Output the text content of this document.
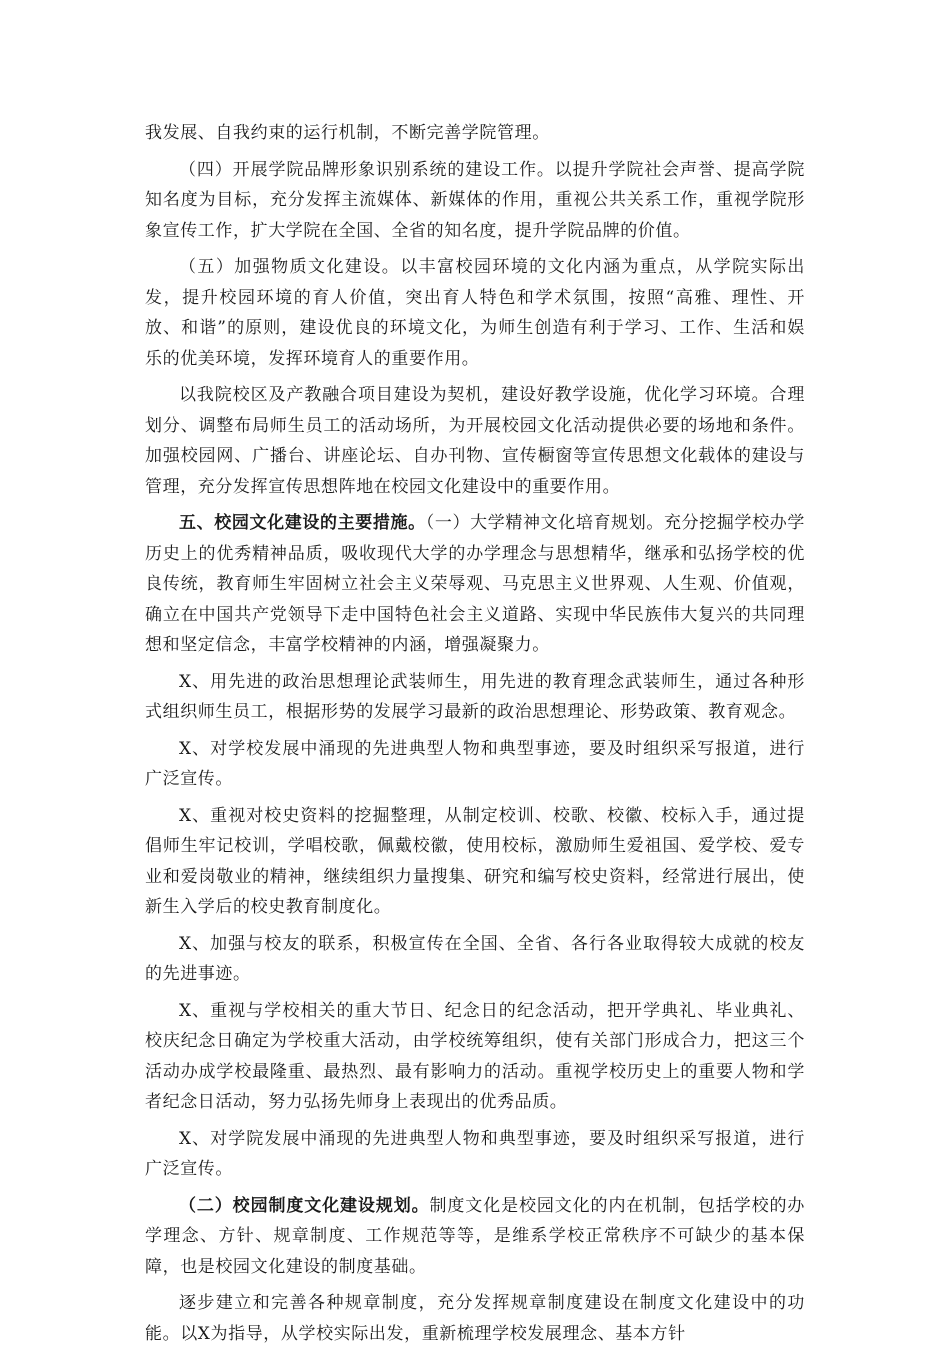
我发展、自我约束的运行机制，不断完善学院管理。

（四）开展学院品牌形象识别系统的建设工作。以提升学院社会声誉、提高学院知名度为目标，充分发挥主流媒体、新媒体的作用，重视公共关系工作，重视学院形象宣传工作，扩大学院在全国、全省的知名度，提升学院品牌的价值。

（五）加强物质文化建设。以丰富校园环境的文化内涵为重点，从学院实际出发，提升校园环境的育人价值，突出育人特色和学术氛围，按照“高雅、理性、开放、和谐”的原则，建设优良的环境文化，为师生创造有利于学习、工作、生活和娱乐的优美环境，发挥环境育人的重要作用。

以我院校区及产教融合项目建设为契机，建设好教学设施，优化学习环境。合理划分、调整布局师生员工的活动场所，为开展校园文化活动提供必要的场地和条件。加强校园网、广播台、讲座论坛、自办刊物、宣传橱窗等宣传思想文化载体的建设与管理，充分发挥宣传思想阵地在校园文化建设中的重要作用。

五、校园文化建设的主要措施。（一）大学精神文化培育规划。充分挖掘学校办学历史上的优秀精神品质，吸收现代大学的办学理念与思想精华，继承和弘扬学校的优良传统，教育师生牢固树立社会主义荣辱观、马克思主义世界观、人生观、价值观，确立在中国共产党领导下走中国特色社会主义道路、实现中华民族伟大复兴的共同理想和坚定信念，丰富学校精神的内涵，增强凝聚力。

X、用先进的政治思想理论武装师生，用先进的教育理念武装师生，通过各种形式组织师生员工，根据形势的发展学习最新的政治思想理论、形势政策、教育观念。

X、对学校发展中涌现的先进典型人物和典型事迹，要及时组织采写报道，进行广泛宣传。

X、重视对校史资料的挖掘整理，从制定校训、校歌、校徽、校标入手，通过提倡师生牢记校训，学唱校歌，佩戴校徽，使用校标，激励师生爱祖国、爱学校、爱专业和爱岗敬业的精神，继续组织力量搜集、研究和编写校史资料，经常进行展出，使新生入学后的校史教育制度化。

X、加强与校友的联系，积极宣传在全国、全省、各行各业取得较大成就的校友的先进事迹。

X、重视与学校相关的重大节日、纪念日的纪念活动，把开学典礼、毕业典礼、校庆纪念日确定为学校重大活动，由学校统筹组织，使有关部门形成合力，把这三个活动办成学校最隆重、最热烈、最有影响力的活动。重视学校历史上的重要人物和学者纪念日活动，努力弘扬先师身上表现出的优秀品质。

X、对学院发展中涌现的先进典型人物和典型事迹，要及时组织采写报道，进行广泛宣传。

（二）校园制度文化建设规划。制度文化是校园文化的内在机制，包括学校的办学理念、方针、规章制度、工作规范等等，是维系学校正常秩序不可缺少的基本保障，也是校园文化建设的制度基础。

逐步建立和完善各种规章制度，充分发挥规章制度建设在制度文化建设中的功能。以X为指导，从学校实际出发，重新梳理学校发展理念、基本方针
